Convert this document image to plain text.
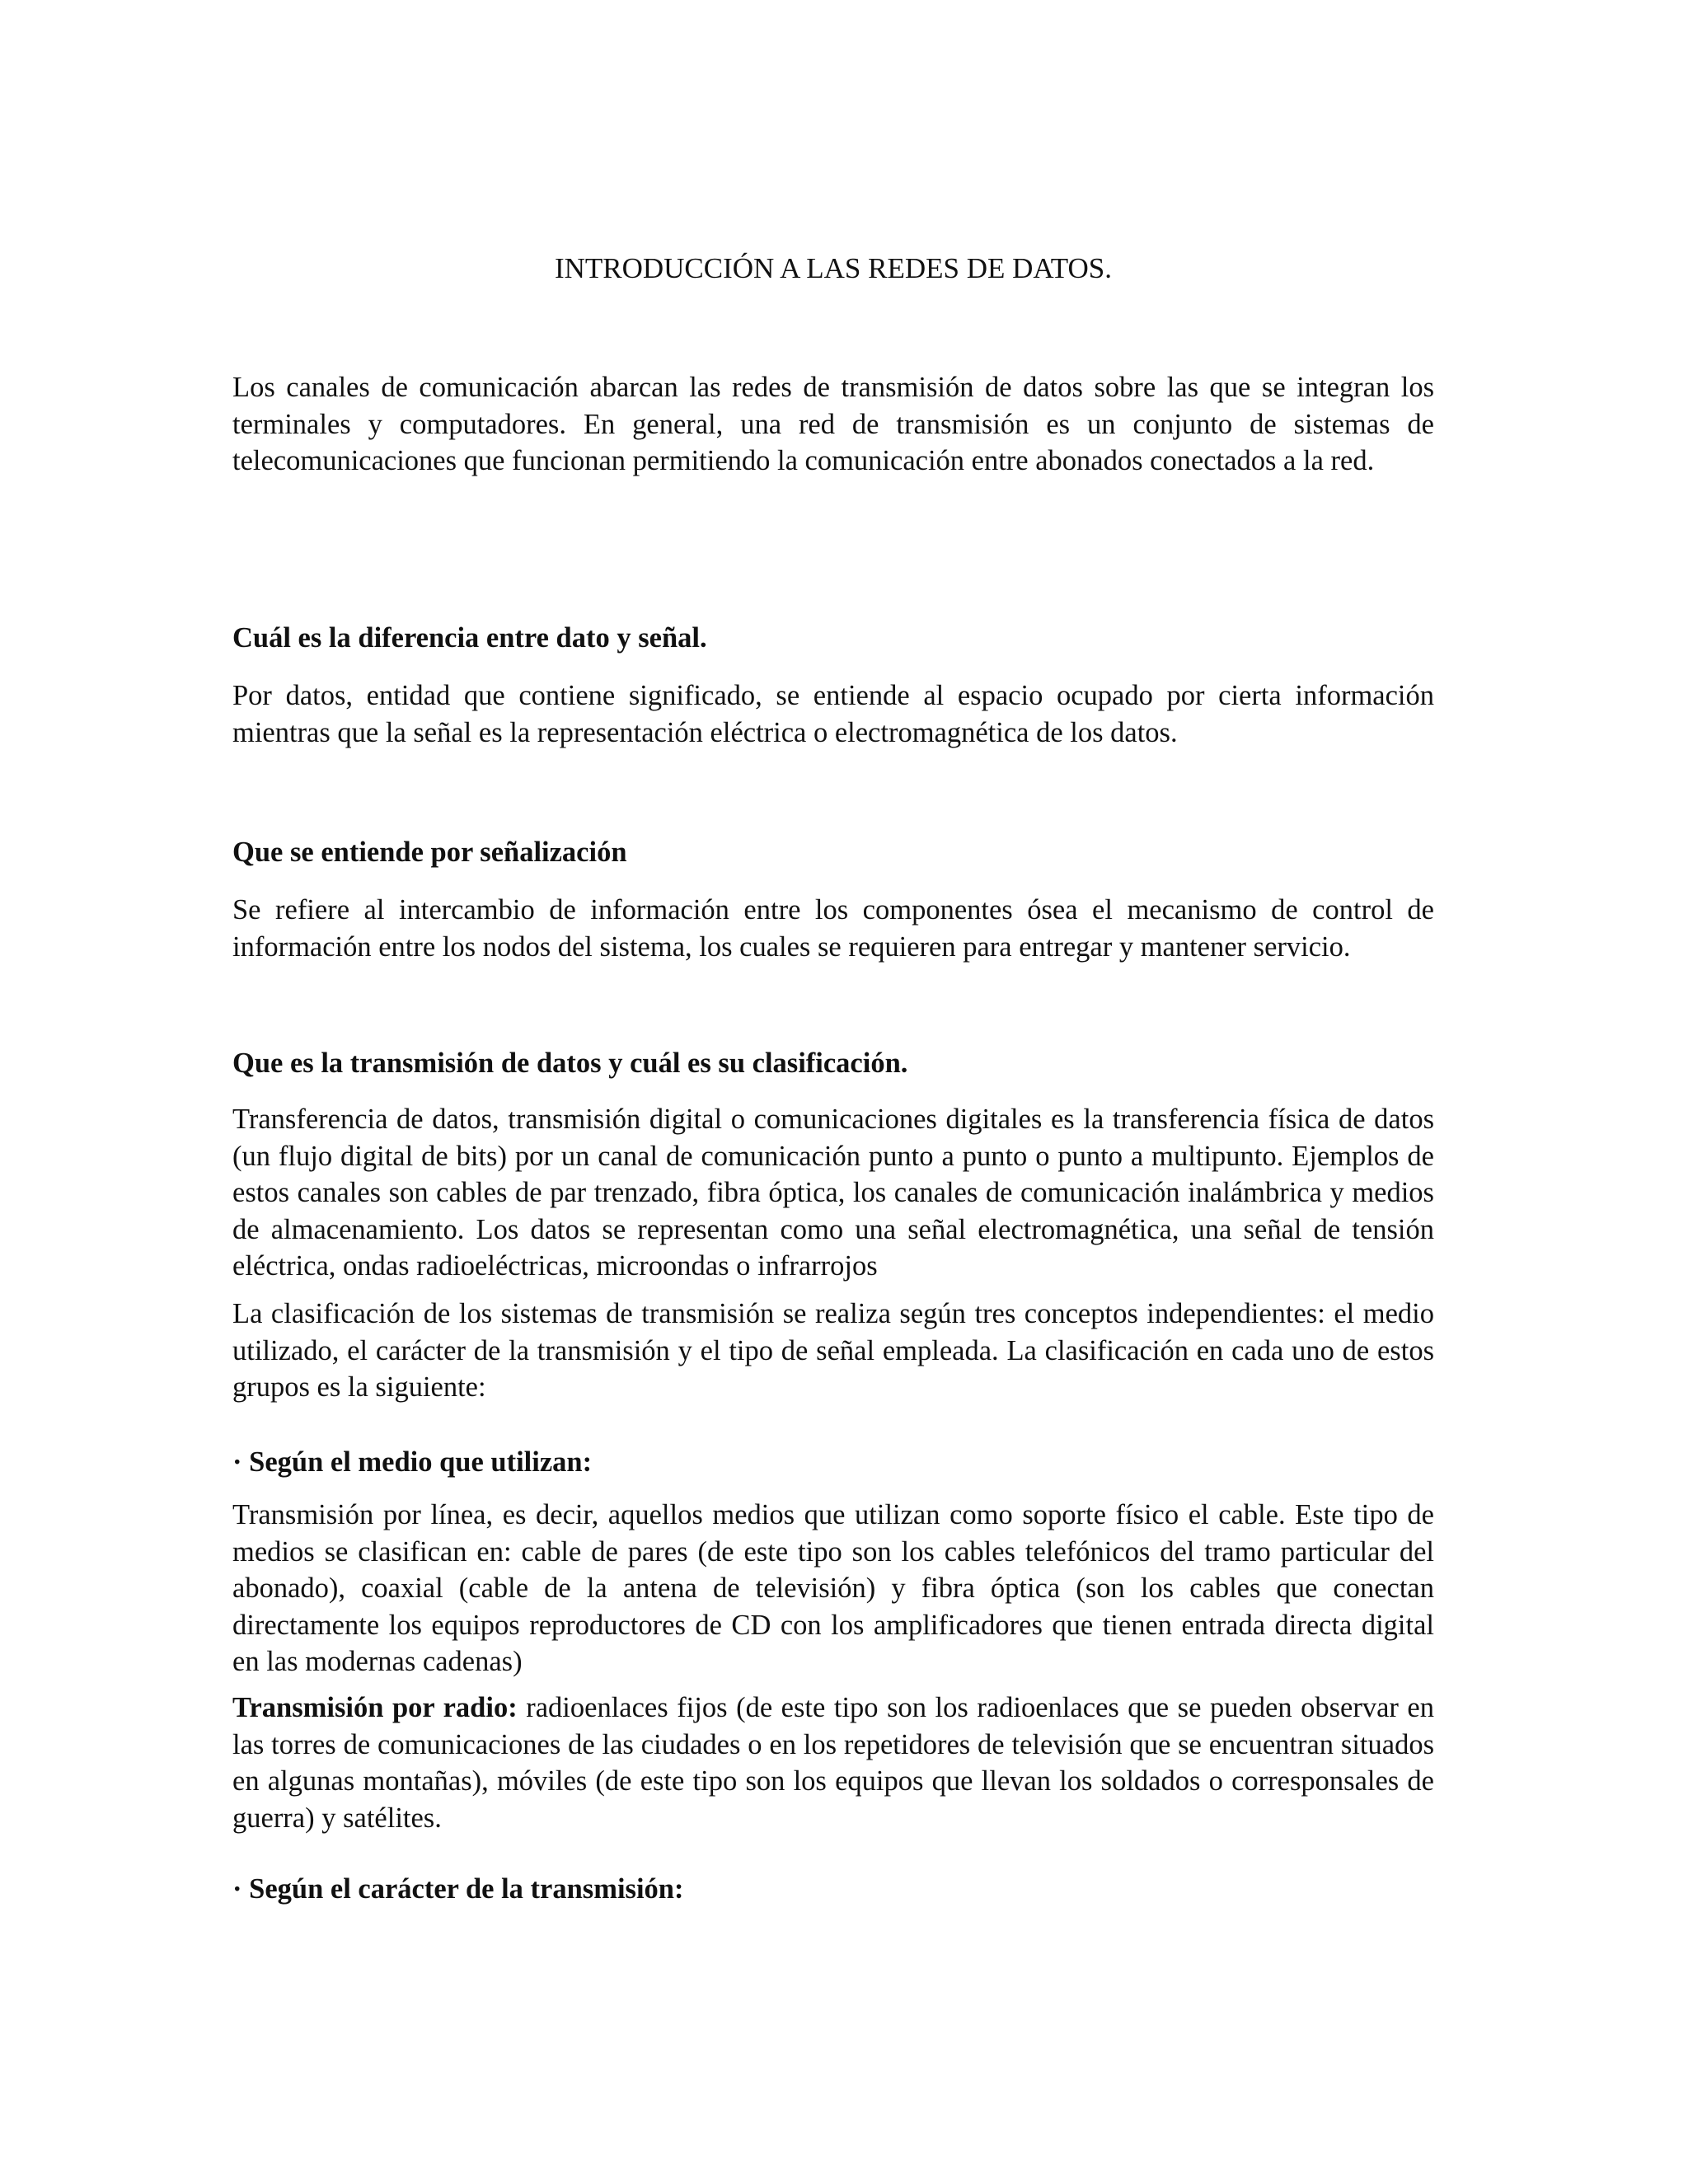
INTRODUCCIÓN A LAS REDES DE DATOS.

Los canales de comunicación abarcan las redes de transmisión de datos sobre las que se integran los terminales y computadores. En general, una red de transmisión es un conjunto de sistemas de telecomunicaciones que funcionan permitiendo la comunicación entre abonados conectados a la red.

Cuál es la diferencia entre dato y señal.

Por datos, entidad que contiene significado, se entiende al espacio ocupado por cierta información mientras que la señal es la representación eléctrica o electromagnética de los datos.

Que se entiende por señalización

Se refiere al intercambio de información entre los componentes ósea el mecanismo de control de información entre los nodos del sistema, los cuales se requieren para entregar y mantener servicio.

Que es la transmisión de datos y cuál es su clasificación.

Transferencia de datos, transmisión digital o comunicaciones digitales es la transferencia física de datos (un flujo digital de bits) por un canal de comunicación punto a punto o punto a multipunto. Ejemplos de estos canales son cables de par trenzado, fibra óptica, los canales de comunicación inalámbrica y medios de almacenamiento. Los datos se representan como una señal electromagnética, una señal de tensión eléctrica, ondas radioeléctricas, microondas o infrarrojos

La clasificación de los sistemas de transmisión se realiza según tres conceptos independientes: el medio utilizado, el carácter de la transmisión y el tipo de señal empleada. La clasificación en cada uno de estos grupos es la siguiente:

· Según el medio que utilizan:

Transmisión por línea, es decir, aquellos medios que utilizan como soporte físico el cable. Este tipo de medios se clasifican en: cable de pares (de este tipo son los cables telefónicos del tramo particular del abonado), coaxial (cable de la antena de televisión) y fibra óptica (son los cables que conectan directamente los equipos reproductores de CD con los amplificadores que tienen entrada directa digital en las modernas cadenas)

Transmisión por radio: radioenlaces fijos (de este tipo son los radioenlaces que se pueden observar en las torres de comunicaciones de las ciudades o en los repetidores de televisión que se encuentran situados en algunas montañas), móviles (de este tipo son los equipos que llevan los soldados o corresponsales de guerra) y satélites.

· Según el carácter de la transmisión:
